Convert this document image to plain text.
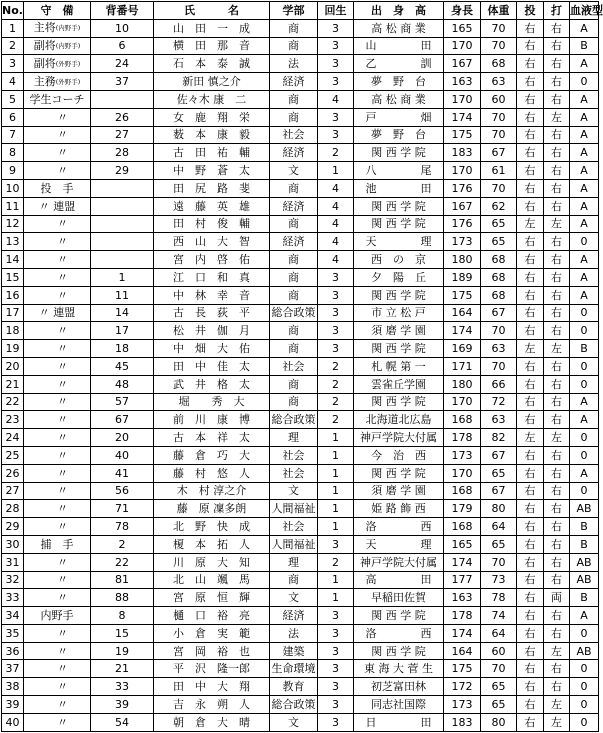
No.	守　備	背番号	氏　　　名	学部	回生	出　身　高	身長	体重	投	打	血液型
1	主将(内野手)	10	山　田　一　成	商	3	高 松 商 業	165	70	右	右	A
2	副将(内野手)	6	横　田　那　音	商	3	山　　　　田	170	70	右	右	B
3	副将(外野手)	24	石　本　泰　誠	法	3	乙　　　　訓	167	68	右	右	A
4	主務(外野手)	37	新田 慎之介	経済	3	夢　野　台	163	63	右	右	0
5	学生コーチ		佐々木 康　二	商	4	高 松 商 業	170	60	右	右	A
6	　〃	26	女　鹿　翔　栄	商	3	戸　　　　畑	174	70	右	左	A
7	　〃	27	薮　本　康　毅	社会	3	夢　野　台	175	70	右	右	A
8	　〃	28	古　田　祐　輔	経済	2	関 西 学 院	183	67	右	右	A
9	　〃	29	中　野　蒼　太	文	1	八　　　　尾	170	61	右	右	A
10	投　手		田　尻　路　斐	商	4	池　　　　田	176	70	右	右	A
11	〃 連盟		遠　藤　英　雄	経済	4	関 西 学 院	167	62	右	右	A
12	　〃		田　村　俊　輔	商	4	関 西 学 院	176	65	左	左	A
13	　〃		西　山　大　智	経済	4	天　　　　理	173	65	右	右	0
14	　〃		宮　内　啓　佑	商	4	西　の　京	180	68	右	右	A
15	　〃	1	江　口　和　真	商	3	夕　陽　丘	189	68	右	右	A
16	　〃	11	中　林　幸　音	商	3	関 西 学 院	175	68	右	右	A
17	〃 連盟	14	古　長　荻　平	総合政策	3	市 立 松 戸	164	67	右	右	0
18	　〃	17	松　井　伽　月	商	3	須 磨 学 園	174	70	右	右	0
19	　〃	18	中　畑　大　佑	商	3	関 西 学 院	169	63	左	左	B
20	　〃	45	田　中　佳　太	社会	2	札 幌 第 一	171	70	右	右	0
21	　〃	48	武　井　格　太	商	2	雲雀丘学園	180	66	右	右	0
22	　〃	57	堀　　秀　大	商	2	関 西 学 院	170	72	右	右	A
23	　〃	67	前　川　康　博	総合政策	2	北海道北広島	168	63	右	右	A
24	　〃	20	古　本　祥　太	理	1	神戸学院大付属	178	82	左	左	0
25	　〃	40	藤　倉　巧　大	社会	1	今　治　西	173	67	右	右	0
26	　〃	41	藤　村　悠　人	社会	1	関 西 学 院	170	65	右	右	A
27	　〃	56	木　村 淳之介	文	1	須 磨 学 園	168	67	右	右	0
28	　〃	71	藤　原 凜多朗	人間福祉	1	姫 路 飾 西	179	80	右	右	AB
29	　〃	78	北　野　快　成	社会	1	洛　　　　西	168	64	右	右	B
30	捕　手	2	榎　本　拓　人	人間福祉	3	天　　　　理	165	65	右	右	B
31	　〃	22	川　原　大　知	理	2	神戸学院大付属	174	70	右	右	AB
32	　〃	81	北　山　颯　馬	商	1	高　　　　田	177	73	右	右	AB
33	　〃	88	宮　原　恒　輝	文	1	早稲田佐賀	163	78	右	両	B
34	内野手	8	樋　口　裕　亮	経済	3	関 西 学 院	178	74	右	右	A
35	　〃	15	小　倉　実　範	法	3	洛　　　　西	174	64	右	右	0
36	　〃	19	宮　岡　裕　也	建築	3	関 西 学 院	164	60	右	左	AB
37	　〃	21	平　沢　隆一郎	生命環境	3	東 海 大 菅 生	175	70	右	右	0
38	　〃	33	田　中　大　翔	教育	3	初芝富田林	172	65	右	右	0
39	　〃	39	吉　永　朔　人	総合政策	3	同志社国際	173	65	右	左	0
40	　〃	54	朝　倉　大　晴	文	3	日　　　　田	183	80	右	左	0
